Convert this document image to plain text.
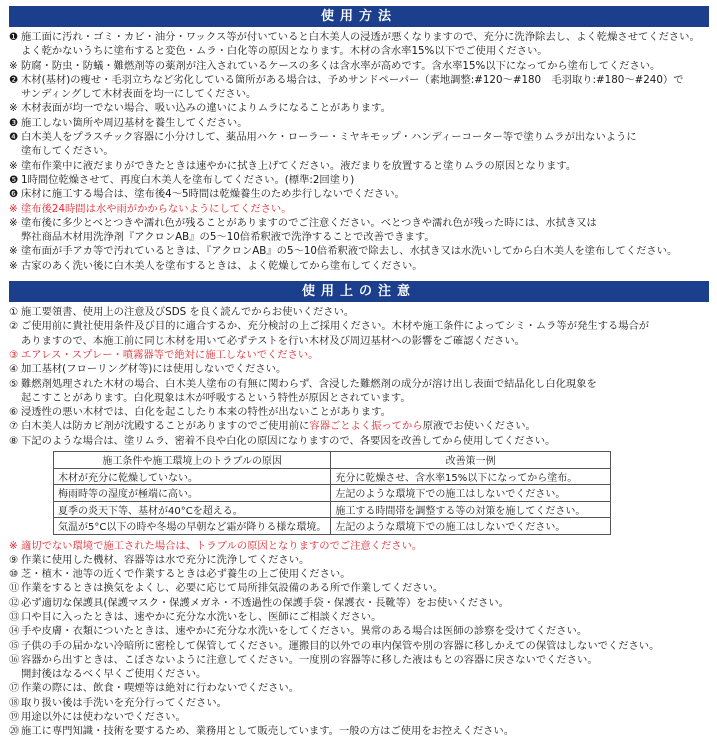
使用方法
❶ 施工面に汚れ・ゴミ・カビ・油分・ワックス等が付いていると白木美人の浸透が悪くなりますので、充分に洗浄除去し、よく乾燥させてください。
よく乾かないうちに塗布すると変色・ムラ・白化等の原因となります。木材の含水率15%以下でご使用ください。
※ 防腐・防虫・防蟻・難燃剤等の薬剤が注入されているケースの多くは含水率が高めです。含水率15%以下になってから塗布してください。
❷ 木材(基材)の痩せ・毛羽立ちなど劣化している箇所がある場合は、予めサンドペーパー（素地調整:#120〜#180　毛羽取り:#180〜#240）で
サンディングして木材表面を均一にしてください。
※ 木材表面が均一でない場合、吸い込みの違いによりムラになることがあります。
❸ 施工しない箇所や周辺基材を養生してください。
❹ 白木美人をプラスチック容器に小分けして、薬品用ハケ・ローラー・ミヤキモップ・ハンディーコーター等で塗りムラが出ないように
塗布してください。
※ 塗布作業中に液だまりができたときは速やかに拭き上げてください。液だまりを放置すると塗りムラの原因となります。
❺ 1時間位乾燥させて、再度白木美人を塗布してください。(標準:2回塗り)
❻ 床材に施工する場合は、塗布後4〜5時間は乾燥養生のため歩行しないでください。
※ 塗布後24時間は水や雨がかからないようにしてください。
※ 塗布後に多少とべとつきや濡れ色が残ることがありますのでご注意ください。べとつきや濡れ色が残った時には、水拭き又は
弊社商品木材用洗浄剤『アクロンAB』の5〜10倍希釈液で洗浄することで改善できます。
※ 塗布面が手アカ等で汚れているときは、『アクロンAB』の5〜10倍希釈液で除去し、水拭き又は水洗いしてから白木美人を塗布してください。
※ 古家のあく洗い後に白木美人を塗布するときは、よく乾燥してから塗布してください。
使用上の注意
① 施工要領書、使用上の注意及びSDS を良く読んでからお使いください。
② ご使用前に貴社使用条件及び目的に適合するか、充分検討の上ご採用ください。木材や施工条件によってシミ・ムラ等が発生する場合が
ありますので、本施工前に同じ木材を用いて必ずテストを行い木材及び周辺基材への影響をご確認ください。
③ エアレス・スプレー・噴霧器等で絶対に施工しないでください。
④ 加工基材(フローリング材等)には使用しないでください。
⑤ 難燃剤処理された木材の場合、白木美人塗布の有無に関わらず、含浸した難燃剤の成分が溶け出し表面で結晶化し白化現象を
起こすことがあります。白化現象は木が呼吸するという特性が原因とされています。
⑥ 浸透性の悪い木材では、白化を起こしたり本来の特性が出ないことがあります。
⑦ 白木美人は防カビ剤が沈殿することがありますのでご使用前に容器ごとよく振ってから原液でお使いください。
⑧ 下記のような場合は、塗リムラ、密着不良や白化の原因になりますので、各要因を改善してから使用してください。
施工条件や施工環境上のトラブルの原因	改善策一例
木材が充分に乾燥していない。	充分に乾燥させ、含水率15%以下になってから塗布。
梅雨時等の湿度が極端に高い。	左記のような環境下での施工はしないでください。
夏季の炎天下等、基材が40°Cを超える。	施工する時間帯を調整する等の対策を施してください。
気温が5°C以下の時や冬場の早朝など霜が降りる様な環境。	左記のような環境下での施工はしないでください。
※ 適切でない環境で施工された場合は、トラブルの原因となりますのでご注意ください。
⑨ 作業に使用した機材、容器等は水で充分に洗浄してください。
⑩ 芝・植木・池等の近くで作業するときは必ず養生の上ご使用ください。
⑪ 作業をするときは換気をよくし、必要に応じて局所排気設備のある所で作業してください。
⑫ 必ず適切な保護具(保護マスク・保護メガネ・不透過性の保護手袋・保護衣・長靴等）をお使いください。
⑬ 口や目に入ったときは、速やかに充分な水洗いをし、医師にご相談ください。
⑭ 手や皮膚・衣類についたときは、速やかに充分な水洗いをしてください。異常のある場合は医師の診察を受けてください。
⑮ 子供の手の届かない冷暗所に密栓して保管してください。運搬目的以外での車内保管や別の容器に移しかえての保管はしないでください。
⑯ 容器から出すときは、こぼさないように注意してください。一度別の容器等に移した液はもとの容器に戻さないでください。
開封後はなるべく早くご使用ください。
⑰ 作業の際には、飲食・喫煙等は絶対に行わないでください。
⑱ 取り扱い後は手洗いを充分行ってください。
⑲ 用途以外には使わないでください。
⑳ 施工に専門知識・技術を要するため、業務用として販売しています。一般の方はご使用をお控えください。
